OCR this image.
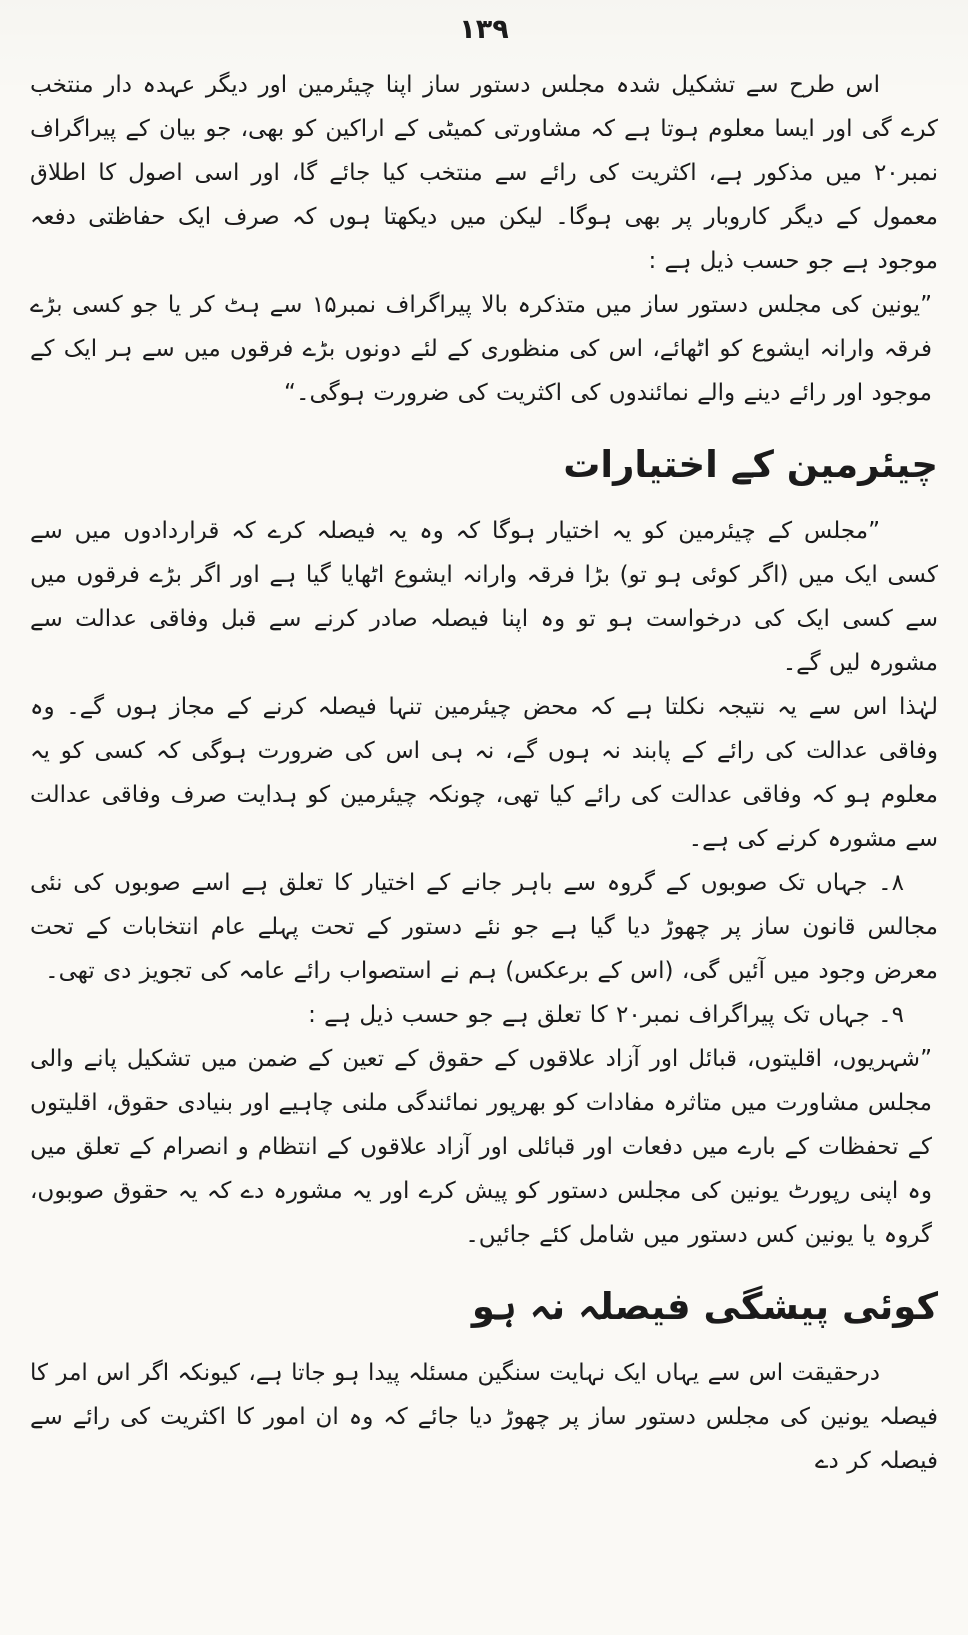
۱۳۹

اس طرح سے تشکیل شدہ مجلس دستور ساز اپنا چیئرمین اور دیگر عہدہ دار منتخب کرے گی اور ایسا معلوم ہوتا ہے کہ مشاورتی کمیٹی کے اراکین کو بھی، جو بیان کے پیراگراف نمبر۲۰ میں مذکور ہے، اکثریت کی رائے سے منتخب کیا جائے گا، اور اسی اصول کا اطلاق معمول کے دیگر کاروبار پر بھی ہوگا۔ لیکن میں دیکھتا ہوں کہ صرف ایک حفاظتی دفعہ موجود ہے جو حسب ذیل ہے :

”یونین کی مجلس دستور ساز میں متذکرہ بالا پیراگراف نمبر۱۵ سے ہٹ کر یا جو کسی بڑے فرقہ وارانہ ایشوع کو اٹھائے، اس کی منظوری کے لئے دونوں بڑے فرقوں میں سے ہر ایک کے موجود اور رائے دینے والے نمائندوں کی اکثریت کی ضرورت ہوگی۔“

چیئرمین کے اختیارات

”مجلس کے چیئرمین کو یہ اختیار ہوگا کہ وہ یہ فیصلہ کرے کہ قراردادوں میں سے کسی ایک میں (اگر کوئی ہو تو) بڑا فرقہ وارانہ ایشوع اٹھایا گیا ہے اور اگر بڑے فرقوں میں سے کسی ایک کی درخواست ہو تو وہ اپنا فیصلہ صادر کرنے سے قبل وفاقی عدالت سے مشورہ لیں گے۔

لہٰذا اس سے یہ نتیجہ نکلتا ہے کہ محض چیئرمین تنہا فیصلہ کرنے کے مجاز ہوں گے۔ وہ وفاقی عدالت کی رائے کے پابند نہ ہوں گے، نہ ہی اس کی ضرورت ہوگی کہ کسی کو یہ معلوم ہو کہ وفاقی عدالت کی رائے کیا تھی، چونکہ چیئرمین کو ہدایت صرف وفاقی عدالت سے مشورہ کرنے کی ہے۔

۸۔ جہاں تک صوبوں کے گروہ سے باہر جانے کے اختیار کا تعلق ہے اسے صوبوں کی نئی مجالس قانون ساز پر چھوڑ دیا گیا ہے جو نئے دستور کے تحت پہلے عام انتخابات کے تحت معرض وجود میں آئیں گی، (اس کے برعکس) ہم نے استصواب رائے عامہ کی تجویز دی تھی۔

۹۔ جہاں تک پیراگراف نمبر۲۰ کا تعلق ہے جو حسب ذیل ہے :

”شہریوں، اقلیتوں، قبائل اور آزاد علاقوں کے حقوق کے تعین کے ضمن میں تشکیل پانے والی مجلس مشاورت میں متاثرہ مفادات کو بھرپور نمائندگی ملنی چاہیے اور بنیادی حقوق، اقلیتوں کے تحفظات کے بارے میں دفعات اور قبائلی اور آزاد علاقوں کے انتظام و انصرام کے تعلق میں وہ اپنی رپورٹ یونین کی مجلس دستور کو پیش کرے اور یہ مشورہ دے کہ یہ حقوق صوبوں، گروہ یا یونین کس دستور میں شامل کئے جائیں۔

کوئی پیشگی فیصلہ نہ ہو

درحقیقت اس سے یہاں ایک نہایت سنگین مسئلہ پیدا ہو جاتا ہے، کیونکہ اگر اس امر کا فیصلہ یونین کی مجلس دستور ساز پر چھوڑ دیا جائے کہ وہ ان امور کا اکثریت کی رائے سے فیصلہ کر دے
